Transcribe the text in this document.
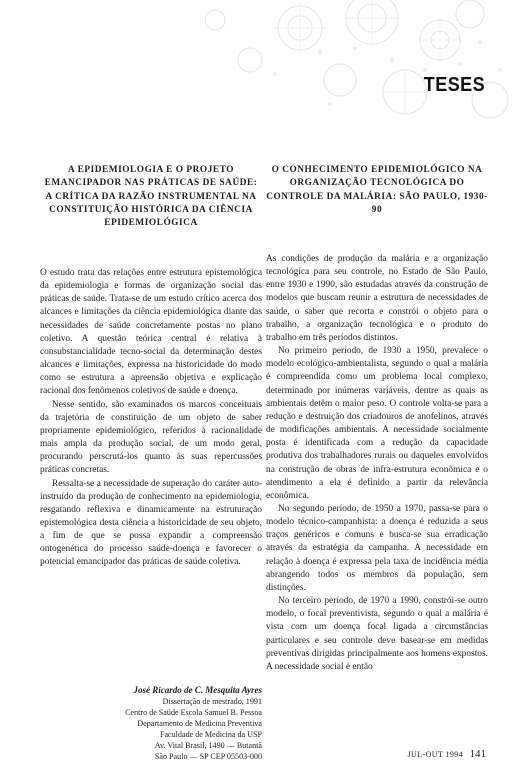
TESES
A EPIDEMIOLOGIA E O PROJETO EMANCIPADOR NAS PRÁTICAS DE SAÚDE: A CRÍTICA DA RAZÃO INSTRUMENTAL NA CONSTITUIÇÃO HISTÓRICA DA CIÊNCIA EPIDEMIOLÓGICA

O estudo trata das relações entre estrutura epistemológica da epidemiologia e formas de organização social das práticas de saúde. Trata-se de um estudo crítico acerca dos alcances e limitações da ciência epidemiológica diante das necessidades de saúde concretamente postas no plano coletivo. A questão teórica central é relativa à consubstancialidade tecno-social da determinação destes alcances e limitações, expressa na historicidade do modo como se estrutura a apreensão objetiva e explicação racional dos fenômenos coletivos de saúde e doença.

Nesse sentido, são examinados os marcos conceituais da trajetória de constituição de um objeto de saber propriamente epidemiológico, referidos à racionalidade mais ampla da produção social, de um modo geral, procurando perscrutá-los quanto às suas repercussões práticas concretas.

Ressalta-se a necessidade de superação do caráter auto-instruído da produção de conhecimento na epidemiologia, resgatando reflexiva e dinamicamente na estruturação epistemológica desta ciência a historicidade de seu objeto, a fim de que se possa expandir a compreensão ontogenética do processo saúde-doença e favorecer o potencial emancipador das práticas de saúde coletiva.

José Ricardo de C. Mesquita Ayres
Dissertação de mestrado, 1991
Centro de Saúde Escola Samuel B. Pessoa
Departamento de Medicina Preventiva
Faculdade de Medicina da USP
Av. Vital Brasil, 1490 — Butantã
São Paulo — SP CEP 05503-000
O CONHECIMENTO EPIDEMIOLÓGICO NA ORGANIZAÇÃO TECNOLÓGICA DO CONTROLE DA MALÁRIA: SÃO PAULO, 1930-90

As condições de produção da malária e a organização tecnológica para seu controle, no Estado de São Paulo, entre 1930 e 1990, são estudadas através da construção de modelos que buscam reunir a estrutura de necessidades de saúde, o saber que recorta e constrói o objeto para o trabalho, a organização tecnológica e o produto do trabalho em três períodos distintos.

No primeiro período, de 1930 a 1950, prevalece o modelo ecológico-ambientalista, segundo o qual a malária é compreendida como um problema local complexo, determinado por inúmeras variáveis, dentre as quais as ambientais detêm o maior peso. O controle volta-se para a redução e destruição dos criadouros de anofelinos, através de modificações ambientais. A necessidade socialmente posta é identificada com a redução da capacidade produtiva dos trabalhadores rurais ou daqueles envolvidos na construção de obras de infra-estrutura econômica e o atendimento a ela é definido a partir da relevância econômica.

No segundo período, de 1950 a 1970, passa-se para o modelo técnico-campanhista: a doença é reduzida a seus traços genéricos e comuns e busca-se sua erradicação através da estratégia da campanha. A necessidade em relação à doença é expressa pela taxa de incidência média abrangendo todos os membros da população, sem distinções.

No terceiro período, de 1970 a 1990, constrói-se outro modelo, o focal preventivista, segundo o qual a malária é vista com um doença focal ligada a circunstâncias particulares e seu controle deve basear-se em medidas preventivas dirigidas principalmente aos homens expostos. A necessidade social é então

JUL-OUT 1994 141
